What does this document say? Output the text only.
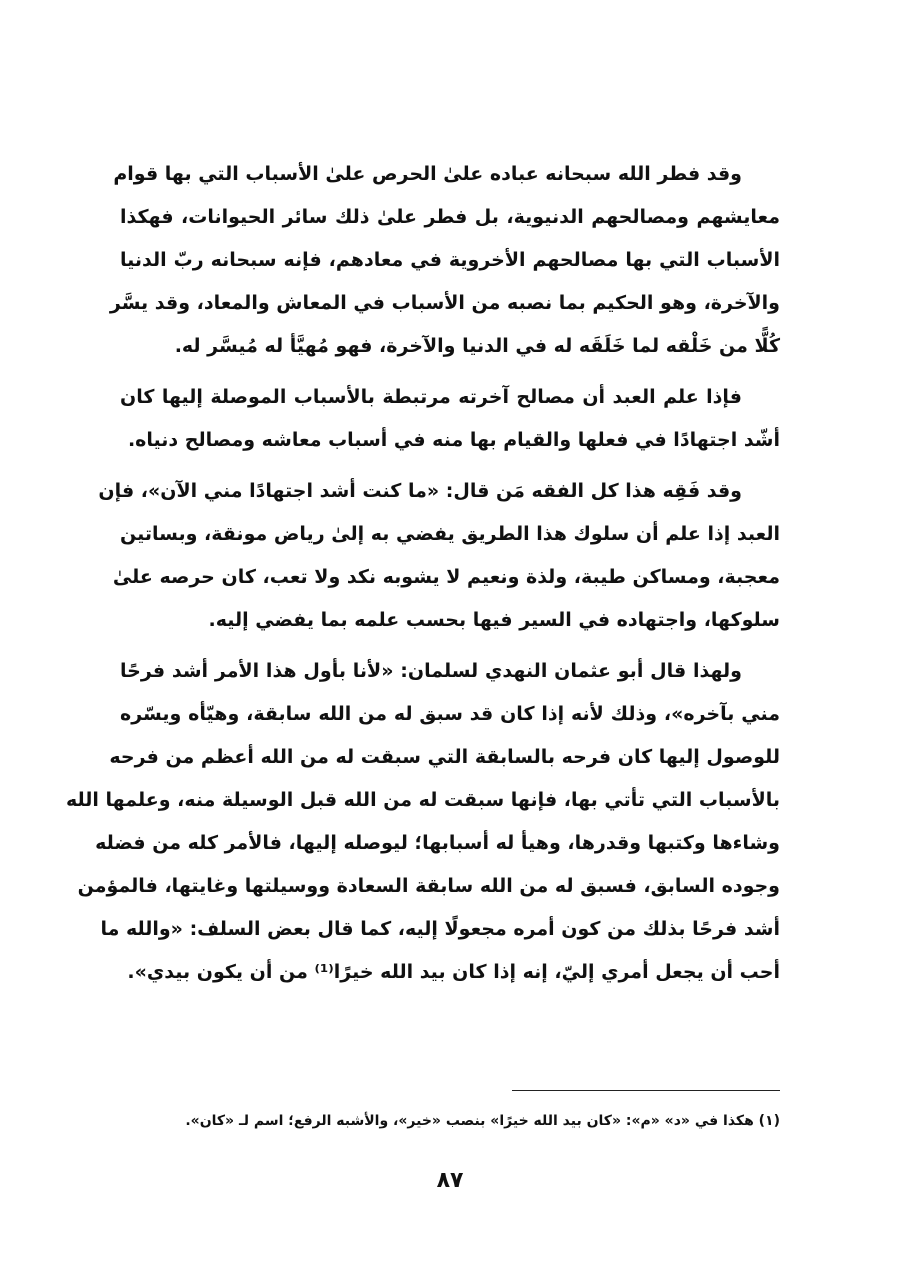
وقد فطر الله سبحانه عباده علىٰ الحرص علىٰ الأسباب التي بها قوام
معايشهم ومصالحهم الدنيوية، بل فطر علىٰ ذلك سائر الحيوانات، فهكذا
الأسباب التي بها مصالحهم الأخروية في معادهم، فإنه سبحانه ربّ الدنيا
والآخرة، وهو الحكيم بما نصبه من الأسباب في المعاش والمعاد، وقد يسَّر
كُلًّا من خَلْقه لما خَلَقَه له في الدنيا والآخرة، فهو مُهيَّأ له مُيسَّر له.
فإذا علم العبد أن مصالح آخرته مرتبطة بالأسباب الموصلة إليها كان
أشّد اجتهادًا في فعلها والقيام بها منه في أسباب معاشه ومصالح دنياه.
وقد فَقِه هذا كل الفقه مَن قال: «ما كنت أشد اجتهادًا مني الآن»، فإن
العبد إذا علم أن سلوك هذا الطريق يفضي به إلىٰ رياض مونقة، وبساتين
معجبة، ومساكن طيبة، ولذة ونعيم لا يشوبه نكد ولا تعب، كان حرصه علىٰ
سلوكها، واجتهاده في السير فيها بحسب علمه بما يفضي إليه.
ولهذا قال أبو عثمان النهدي لسلمان: «لأنا بأول هذا الأمر أشد فرحًا
مني بآخره»، وذلك لأنه إذا كان قد سبق له من الله سابقة، وهيّأه ويسّره
للوصول إليها كان فرحه بالسابقة التي سبقت له من الله أعظم من فرحه
بالأسباب التي تأتي بها، فإنها سبقت له من الله قبل الوسيلة منه، وعلمها الله
وشاءها وكتبها وقدرها، وهيأ له أسبابها؛ ليوصله إليها، فالأمر كله من فضله
وجوده السابق، فسبق له من الله سابقة السعادة ووسيلتها وغايتها، فالمؤمن
أشد فرحًا بذلك من كون أمره مجعولًا إليه، كما قال بعض السلف: «والله ما
أحب أن يجعل أمري إليّ، إنه إذا كان بيد الله خيرًا⁽¹⁾ من أن يكون بيدي».
(١) هكذا في «د» «م»: «كان بيد الله خيرًا» بنصب «خير»، والأشبه الرفع؛ اسم لـ «كان».
٨٧
